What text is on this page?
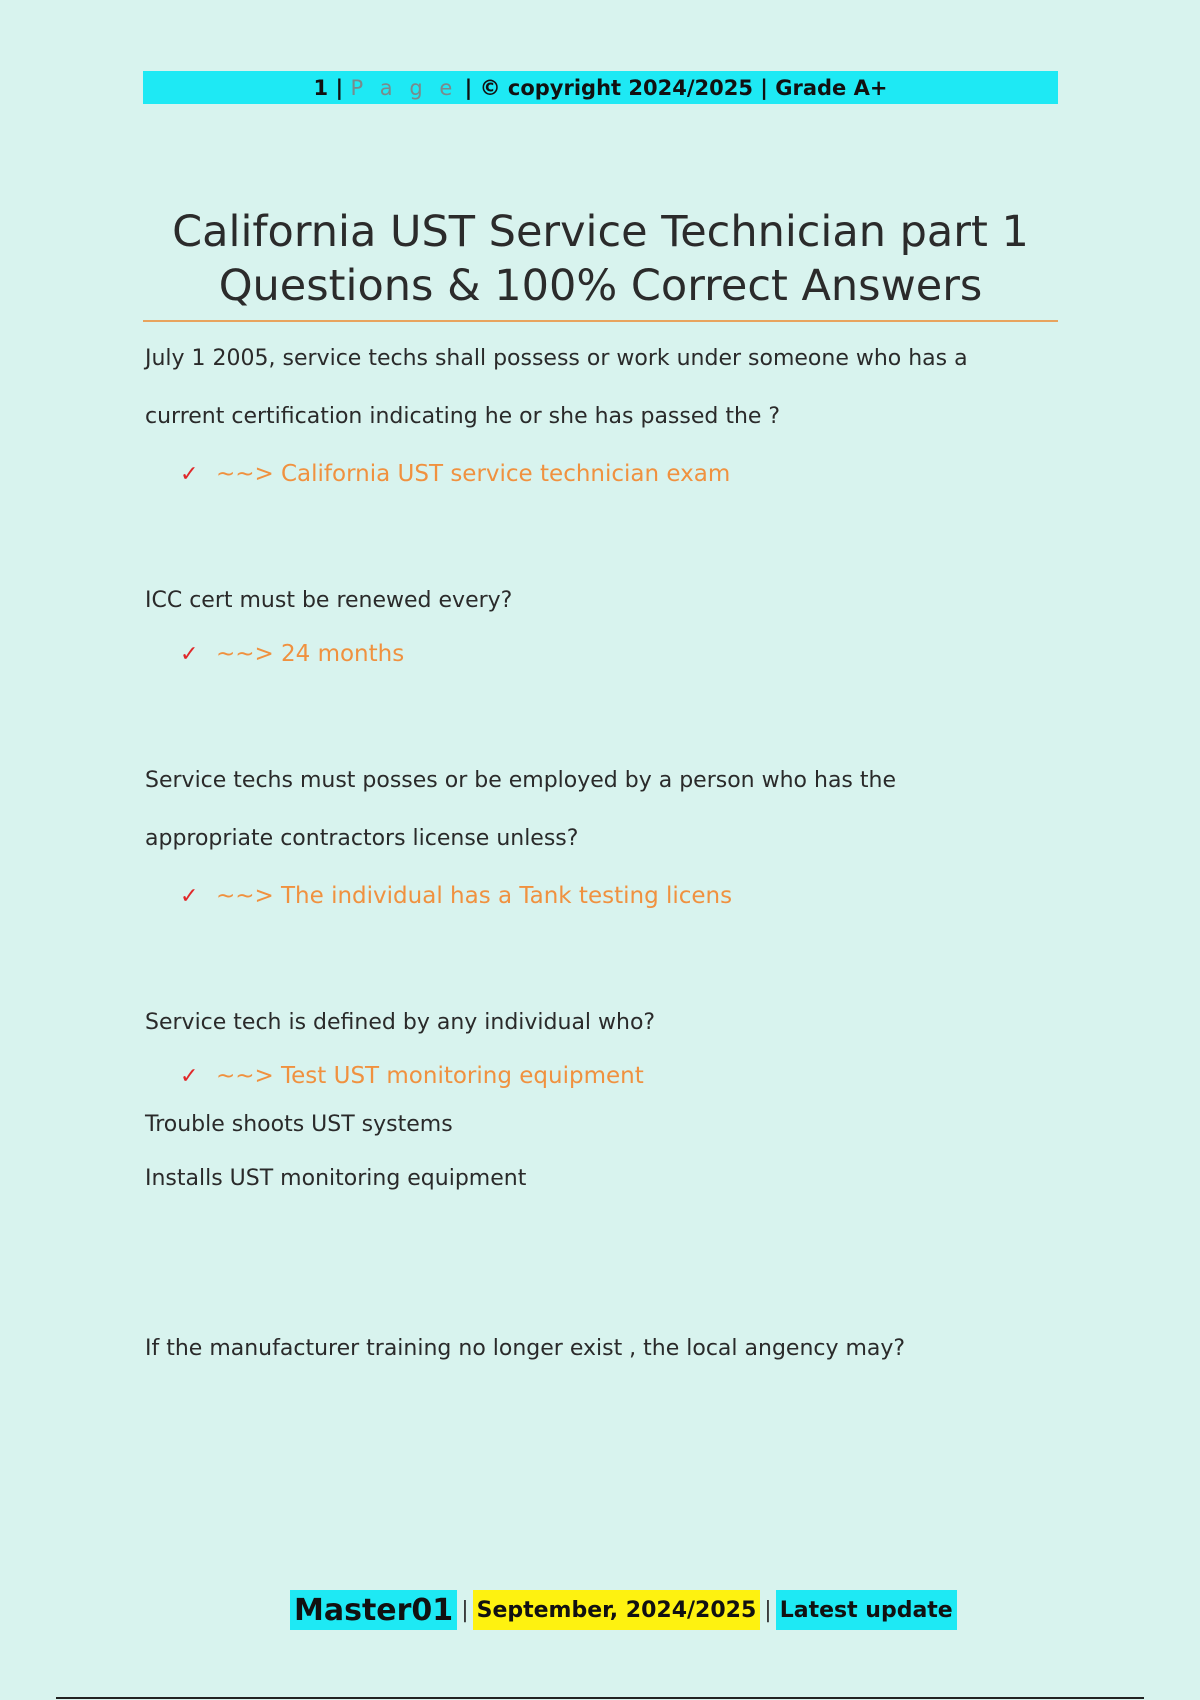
1 | P a g e | © copyright 2024/2025 | Grade A+
California UST Service Technician part 1
Questions & 100% Correct Answers

July 1 2005, service techs shall possess or work under someone who has a

current certification indicating he or she has passed the ?

✓ ~~> California UST service technician exam

ICC cert must be renewed every?

✓ ~~> 24 months

Service techs must posses or be employed by a person who has the

appropriate contractors license unless?

✓ ~~> The individual has a Tank testing licens

Service tech is defined by any individual who?

✓ ~~> Test UST monitoring equipment

Trouble shoots UST systems

Installs UST monitoring equipment

If the manufacturer training no longer exist , the local angency may?

Master01 | September, 2024/2025 | Latest update
